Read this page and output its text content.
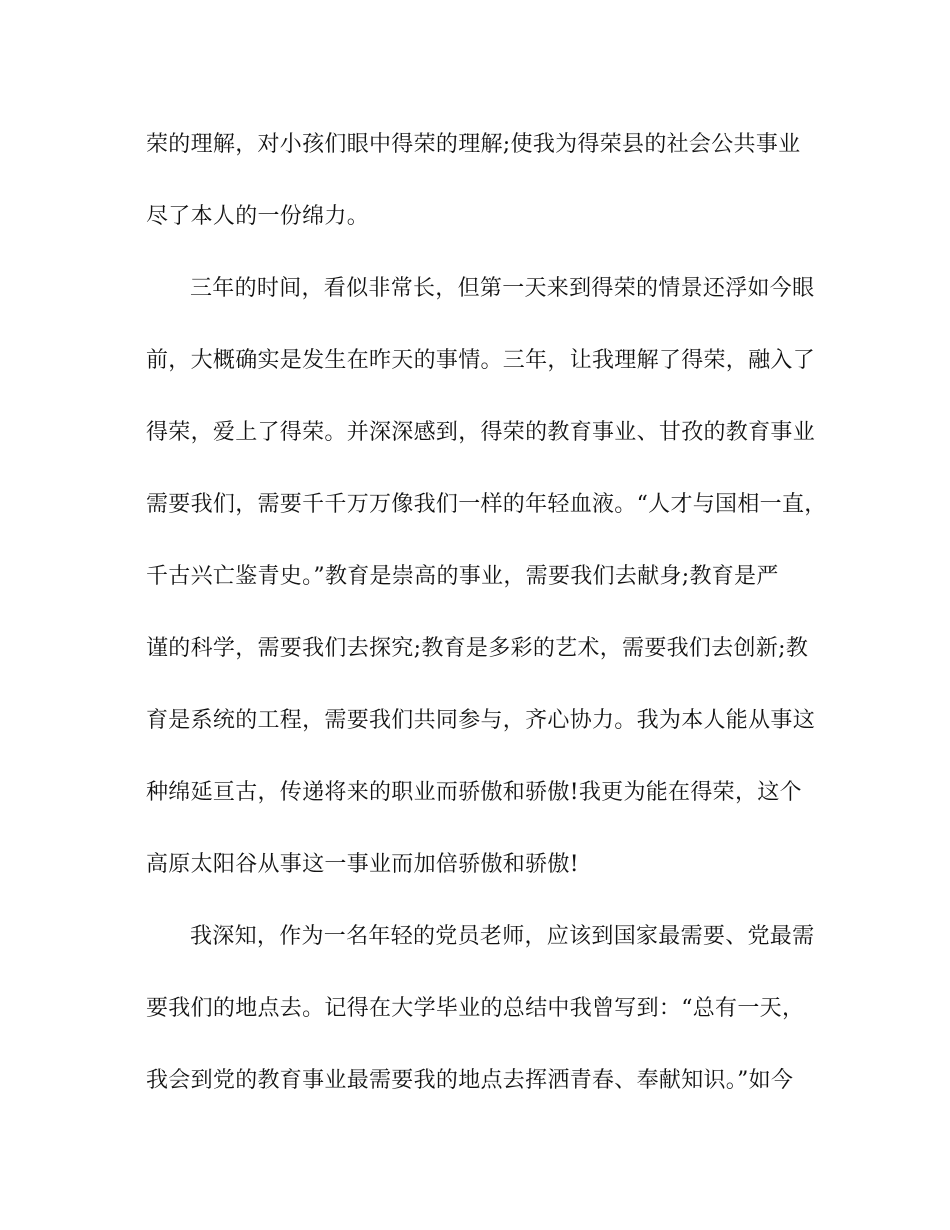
荣的理解，对小孩们眼中得荣的理解;使我为得荣县的社会公共事业
尽了本人的一份绵力。
三年的时间，看似非常长，但第一天来到得荣的情景还浮如今眼
前，大概确实是发生在昨天的事情。三年，让我理解了得荣，融入了
得荣，爱上了得荣。并深深感到，得荣的教育事业、甘孜的教育事业
需要我们，需要千千万万像我们一样的年轻血液。“人才与国相一直，
千古兴亡鉴青史。”教育是崇高的事业，需要我们去献身;教育是严
谨的科学，需要我们去探究;教育是多彩的艺术，需要我们去创新;教
育是系统的工程，需要我们共同参与，齐心协力。我为本人能从事这
种绵延亘古，传递将来的职业而骄傲和骄傲!我更为能在得荣，这个
高原太阳谷从事这一事业而加倍骄傲和骄傲!
我深知，作为一名年轻的党员老师，应该到国家最需要、党最需
要我们的地点去。记得在大学毕业的总结中我曾写到：“总有一天，
我会到党的教育事业最需要我的地点去挥洒青春、奉献知识。”如今
